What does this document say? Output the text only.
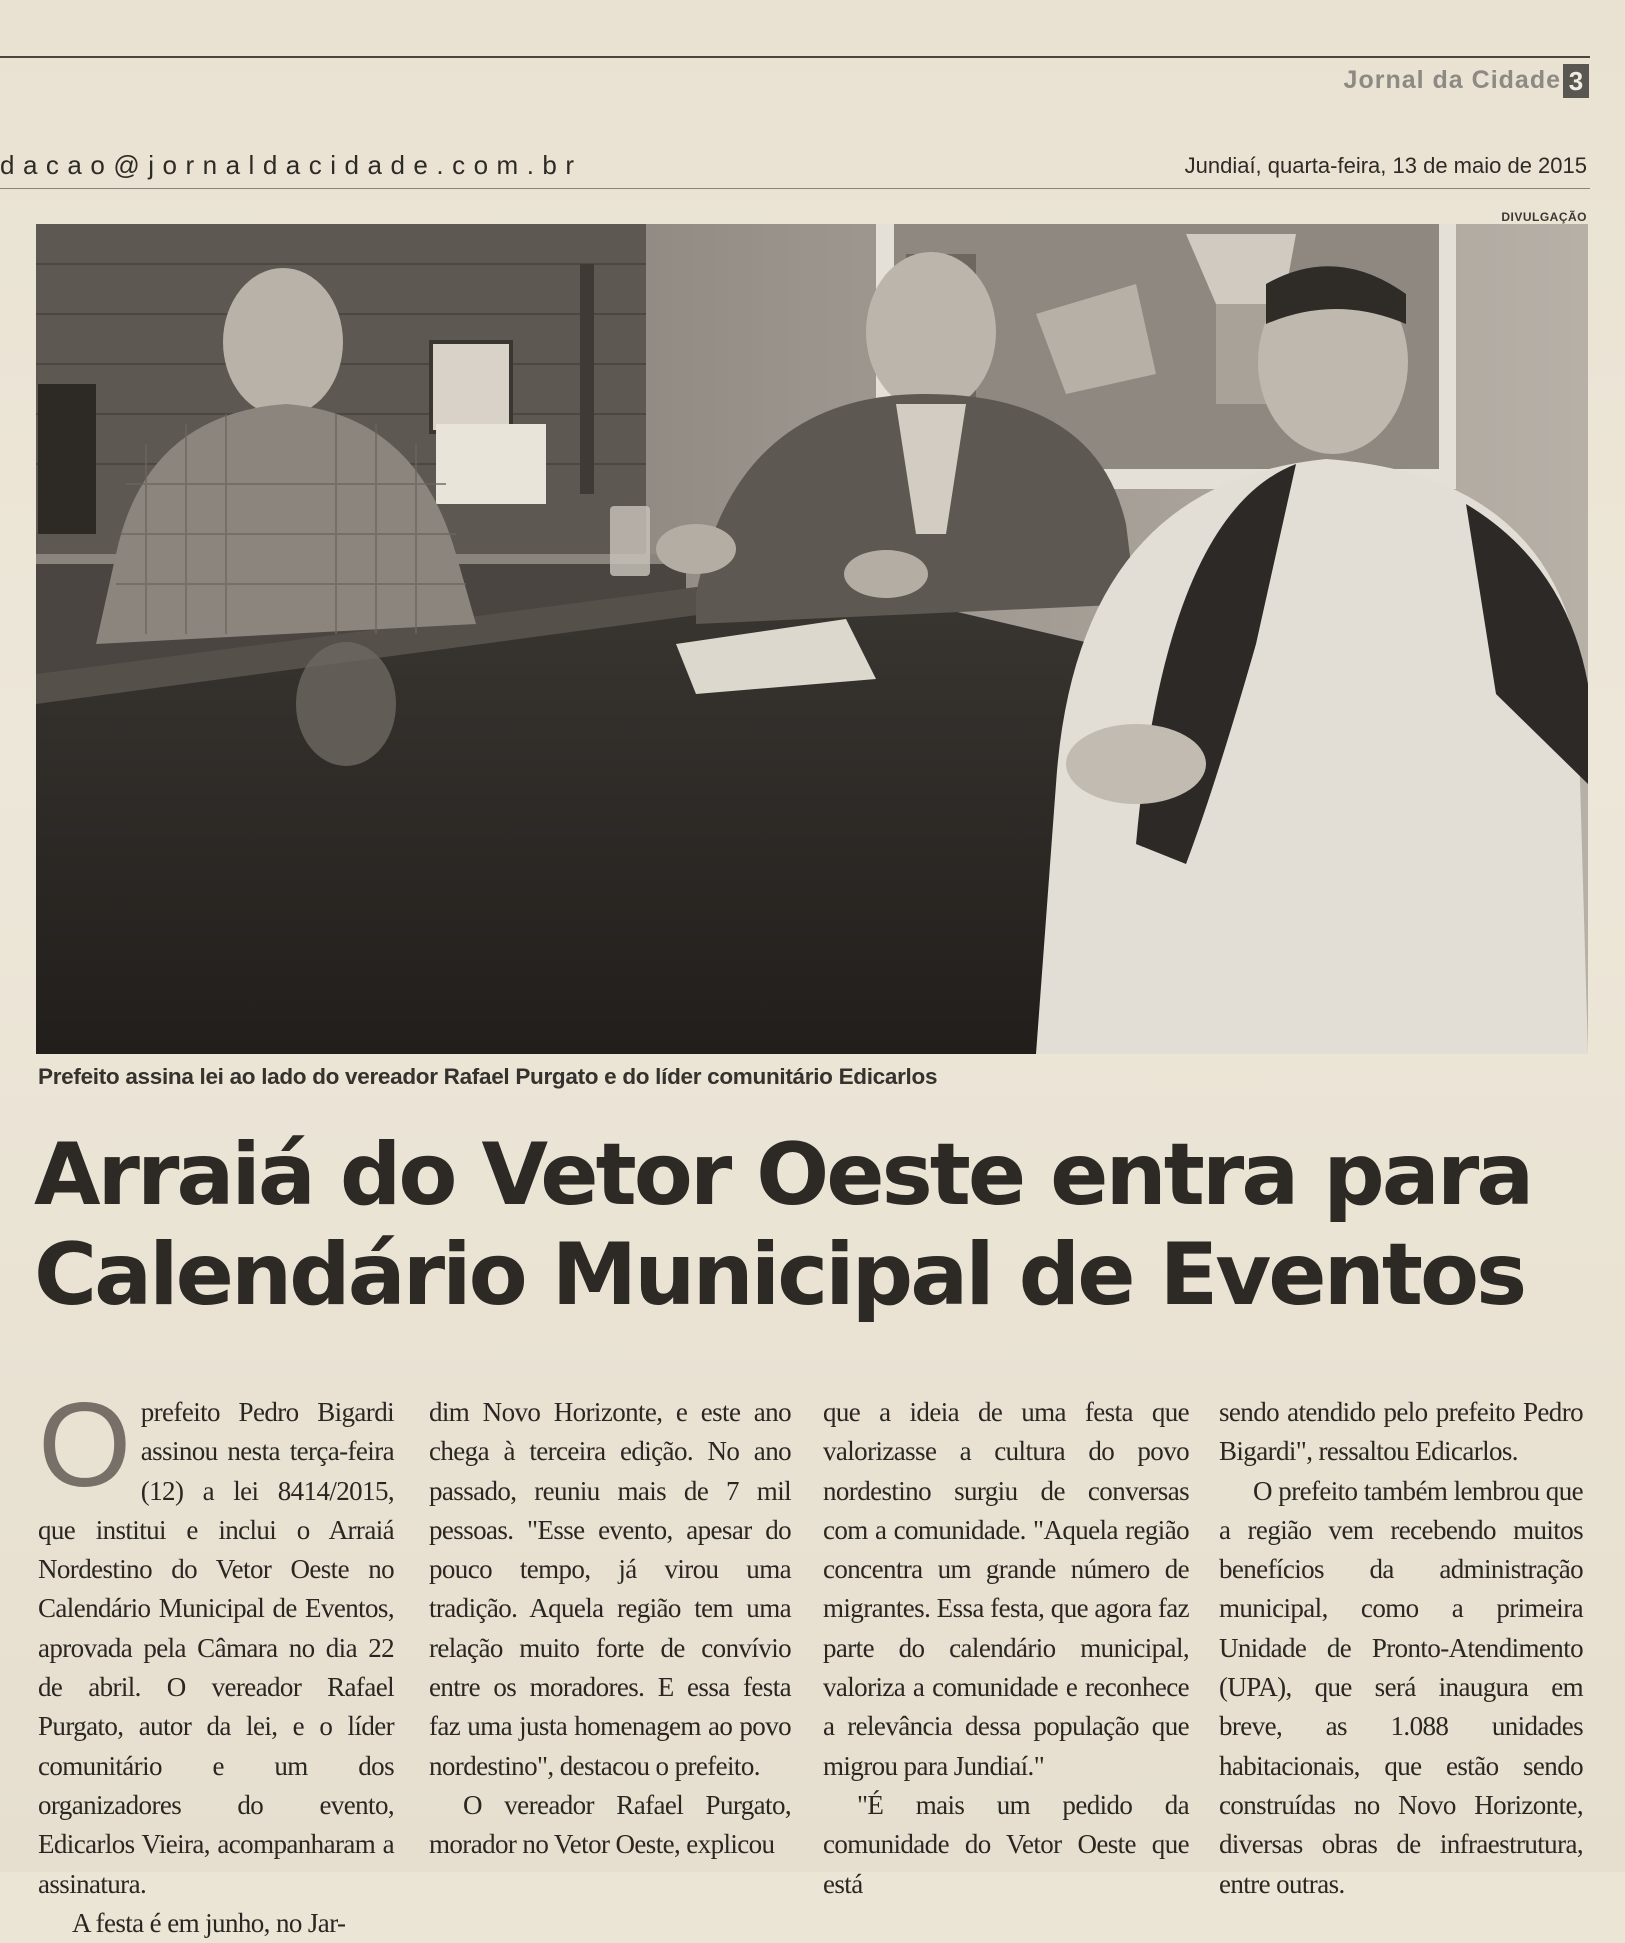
Jornal da Cidade 3
dacao@jornaldacidade.com.br	Jundiaí, quarta-feira, 13 de maio de 2015
DIVULGAÇÃO
Prefeito assina lei ao lado do vereador Rafael Purgato e do líder comunitário Edicarlos
Arraiá do Vetor Oeste entra para
Calendário Municipal de Eventos

Oprefeito Pedro Bigardi assinou nesta terça-feira (12) a lei 8414/2015, que institui e inclui o Arraiá Nordestino do Vetor Oeste no Calendário Municipal de Eventos, aprovada pela Câmara no dia 22 de abril. O vereador Rafael Purgato, autor da lei, e o líder comunitário e um dos organizadores do evento, Edicarlos Vieira, acompanharam a assinatura.

A festa é em junho, no Jar-

dim Novo Horizonte, e este ano chega à terceira edição. No ano passado, reuniu mais de 7 mil pessoas. "Esse evento, apesar do pouco tempo, já virou uma tradição. Aquela região tem uma relação muito forte de convívio entre os moradores. E essa festa faz uma justa homenagem ao povo nordestino", destacou o prefeito.

O vereador Rafael Purgato, morador no Vetor Oeste, explicou

que a ideia de uma festa que valorizasse a cultura do povo nordestino surgiu de conversas com a comunidade. "Aquela região concentra um grande número de migrantes. Essa festa, que agora faz parte do calendário municipal, valoriza a comunidade e reconhece a relevância dessa população que migrou para Jundiaí."

"É mais um pedido da comunidade do Vetor Oeste que está

sendo atendido pelo prefeito Pedro Bigardi", ressaltou Edicarlos.

O prefeito também lembrou que a região vem recebendo muitos benefícios da administração municipal, como a primeira Unidade de Pronto-Atendimento (UPA), que será inaugura em breve, as 1.088 unidades habitacionais, que estão sendo construídas no Novo Horizonte, diversas obras de infraestrutura, entre outras.
